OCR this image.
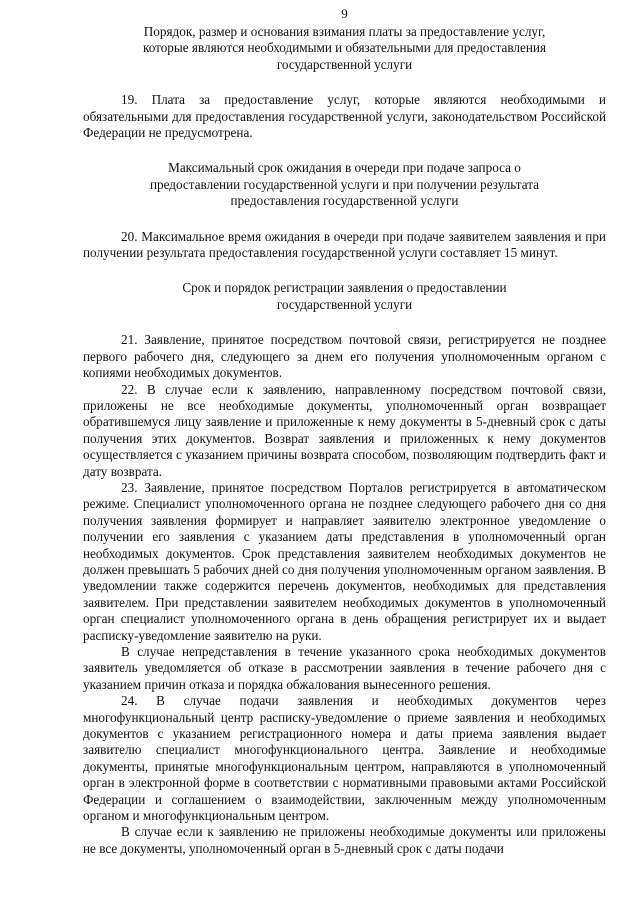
9
Порядок, размер и основания взимания платы за предоставление услуг, которые являются необходимыми и обязательными для предоставления государственной услуги

19. Плата за предоставление услуг, которые являются необходимыми и обязательными для предоставления государственной услуги, законодательством Российской Федерации не предусмотрена.

Максимальный срок ожидания в очереди при подаче запроса о предоставлении государственной услуги и при получении результата предоставления государственной услуги

20. Максимальное время ожидания в очереди при подаче заявителем заявления и при получении результата предоставления государственной услуги составляет 15 минут.

Срок и порядок регистрации заявления о предоставлении государственной услуги

21. Заявление, принятое посредством почтовой связи, регистрируется не позднее первого рабочего дня, следующего за днем его получения уполномоченным органом с копиями необходимых документов.

22. В случае если к заявлению, направленному посредством почтовой связи, приложены не все необходимые документы, уполномоченный орган возвращает обратившемуся лицу заявление и приложенные к нему документы в 5-дневный срок с даты получения этих документов. Возврат заявления и приложенных к нему документов осуществляется с указанием причины возврата способом, позволяющим подтвердить факт и дату возврата.

23. Заявление, принятое посредством Порталов регистрируется в автоматическом режиме. Специалист уполномоченного органа не позднее следующего рабочего дня со дня получения заявления формирует и направляет заявителю электронное уведомление о получении его заявления с указанием даты представления в уполномоченный орган необходимых документов. Срок представления заявителем необходимых документов не должен превышать 5 рабочих дней со дня получения уполномоченным органом заявления. В уведомлении также содержится перечень документов, необходимых для представления заявителем. При представлении заявителем необходимых документов в уполномоченный орган специалист уполномоченного органа в день обращения регистрирует их и выдает расписку-уведомление заявителю на руки.

В случае непредставления в течение указанного срока необходимых документов заявитель уведомляется об отказе в рассмотрении заявления в течение рабочего дня с указанием причин отказа и порядка обжалования вынесенного решения.

24. В случае подачи заявления и необходимых документов через многофункциональный центр расписку-уведомление о приеме заявления и необходимых документов с указанием регистрационного номера и даты приема заявления выдает заявителю специалист многофункционального центра. Заявление и необходимые документы, принятые многофункциональным центром, направляются в уполномоченный орган в электронной форме в соответствии с нормативными правовыми актами Российской Федерации и соглашением о взаимодействии, заключенным между уполномоченным органом и многофункциональным центром.

В случае если к заявлению не приложены необходимые документы или приложены не все документы, уполномоченный орган в 5-дневный срок с даты подачи
